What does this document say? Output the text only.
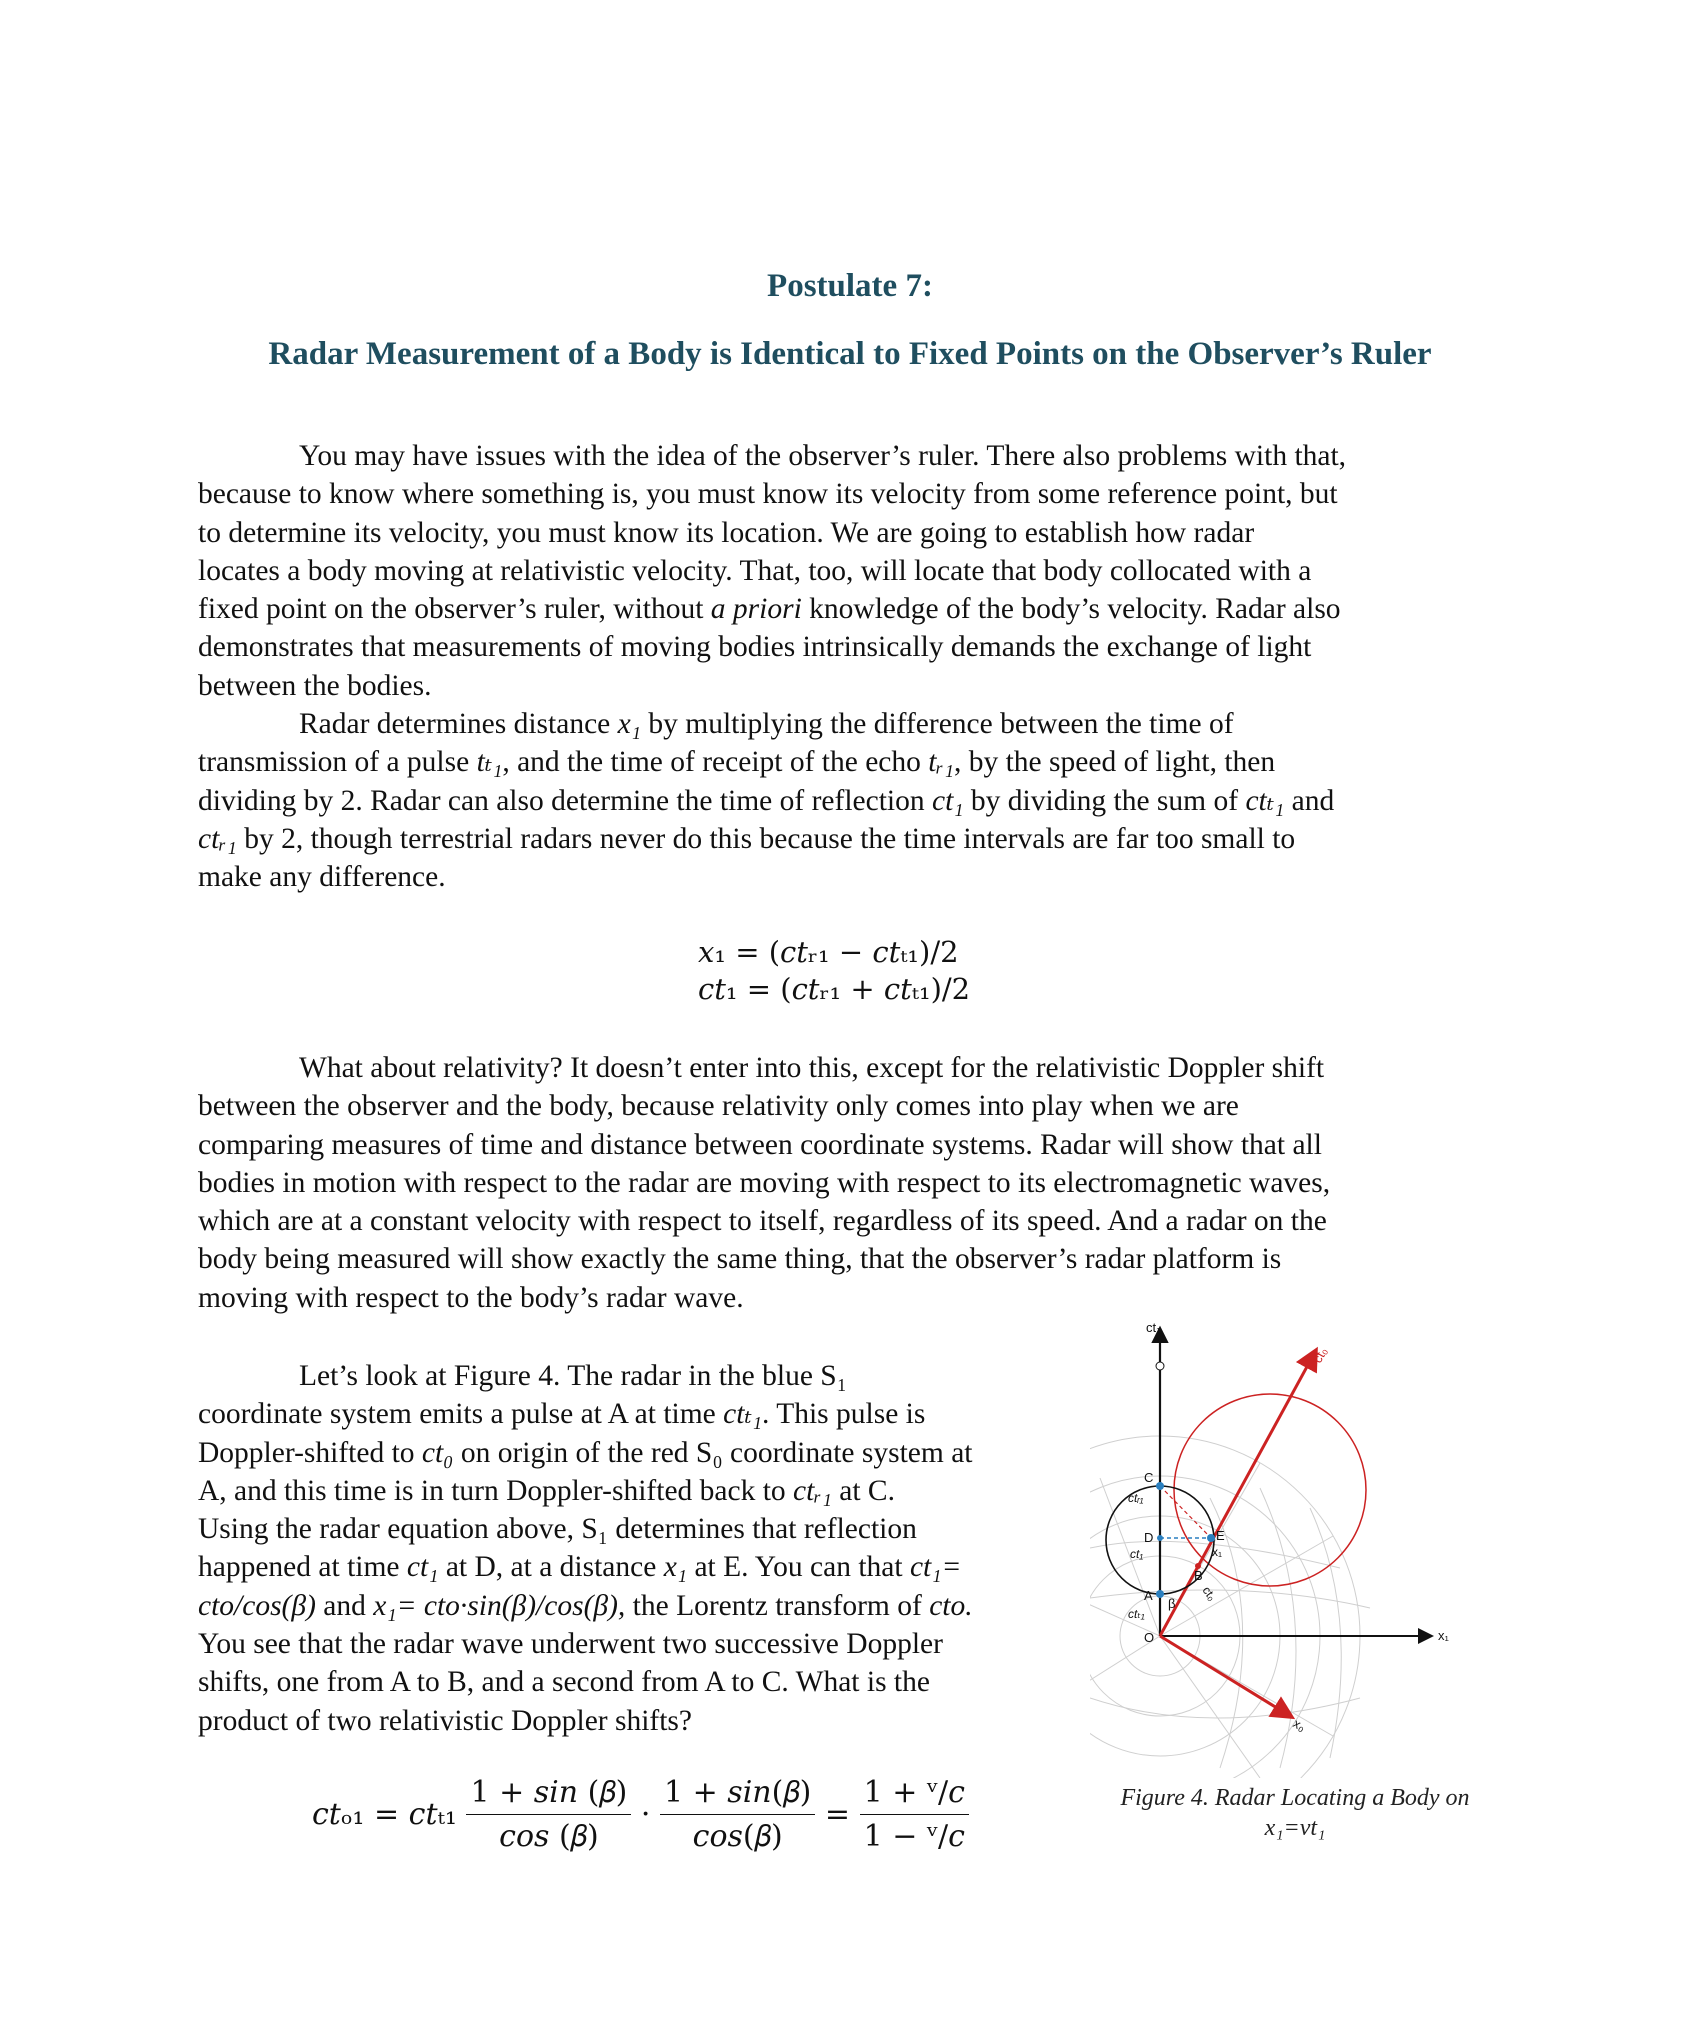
Postulate 7:
Radar Measurement of a Body is Identical to Fixed Points on the Observer’s Ruler

You may have issues with the idea of the observer’s ruler. There also problems with that,
because to know where something is, you must know its velocity from some reference point, but
to determine its velocity, you must know its location. We are going to establish how radar
locates a body moving at relativistic velocity. That, too, will locate that body collocated with a
fixed point on the observer’s ruler, without a priori knowledge of the body’s velocity. Radar also
demonstrates that measurements of moving bodies intrinsically demands the exchange of light
between the bodies.

Radar determines distance x₁ by multiplying the difference between the time of
transmission of a pulse tₜ₁, and the time of receipt of the echo tᵣ₁, by the speed of light, then
dividing by 2. Radar can also determine the time of reflection ct₁ by dividing the sum of ctₜ₁ and
ctᵣ₁ by 2, though terrestrial radars never do this because the time intervals are far too small to
make any difference.

𝑥₁ = (𝑐𝑡ᵣ₁ − 𝑐𝑡ₜ₁)/2
𝑐𝑡₁ = (𝑐𝑡ᵣ₁ + 𝑐𝑡ₜ₁)/2

What about relativity? It doesn’t enter into this, except for the relativistic Doppler shift
between the observer and the body, because relativity only comes into play when we are
comparing measures of time and distance between coordinate systems. Radar will show that all
bodies in motion with respect to the radar are moving with respect to its electromagnetic waves,
which are at a constant velocity with respect to itself, regardless of its speed. And a radar on the
body being measured will show exactly the same thing, that the observer’s radar platform is
moving with respect to the body’s radar wave.

Let’s look at Figure 4. The radar in the blue S₁
coordinate system emits a pulse at A at time ctₜ₁. This pulse is
Doppler-shifted to ct₀ on origin of the red S₀ coordinate system at
A, and this time is in turn Doppler-shifted back to ctᵣ₁ at C.
Using the radar equation above, S₁ determines that reflection
happened at time ct₁ at D, at a distance x₁ at E. You can that ct₁=
cto/cos(β) and x₁= cto·sin(β)/cos(β), the Lorentz transform of cto.
You see that the radar wave underwent two successive Doppler
shifts, one from A to B, and a second from A to C. What is the
product of two relativistic Doppler shifts?

ct₁
ct₀
x₁
x₀
C
D
A
O
E
B
β
ctᵣ₁
ct₁
ctₜ₁
x₁
ct₀
Figure 4. Radar Locating a Body on
x₁=vt₁
𝑐𝑡ₒ₁ = 𝑐𝑡ₜ₁ $\frac{\text{1 + 𝑠𝑖𝑛 (𝛽)}}{\text{𝑐𝑜𝑠 (𝛽)}} \cdot \frac{\text{1 + 𝑠𝑖𝑛(𝛽)}}{\text{𝑐𝑜𝑠(𝛽)}} = \frac{\text{1 + ᵛ/𝑐}}{\text{1 − ᵛ/𝑐}}$
